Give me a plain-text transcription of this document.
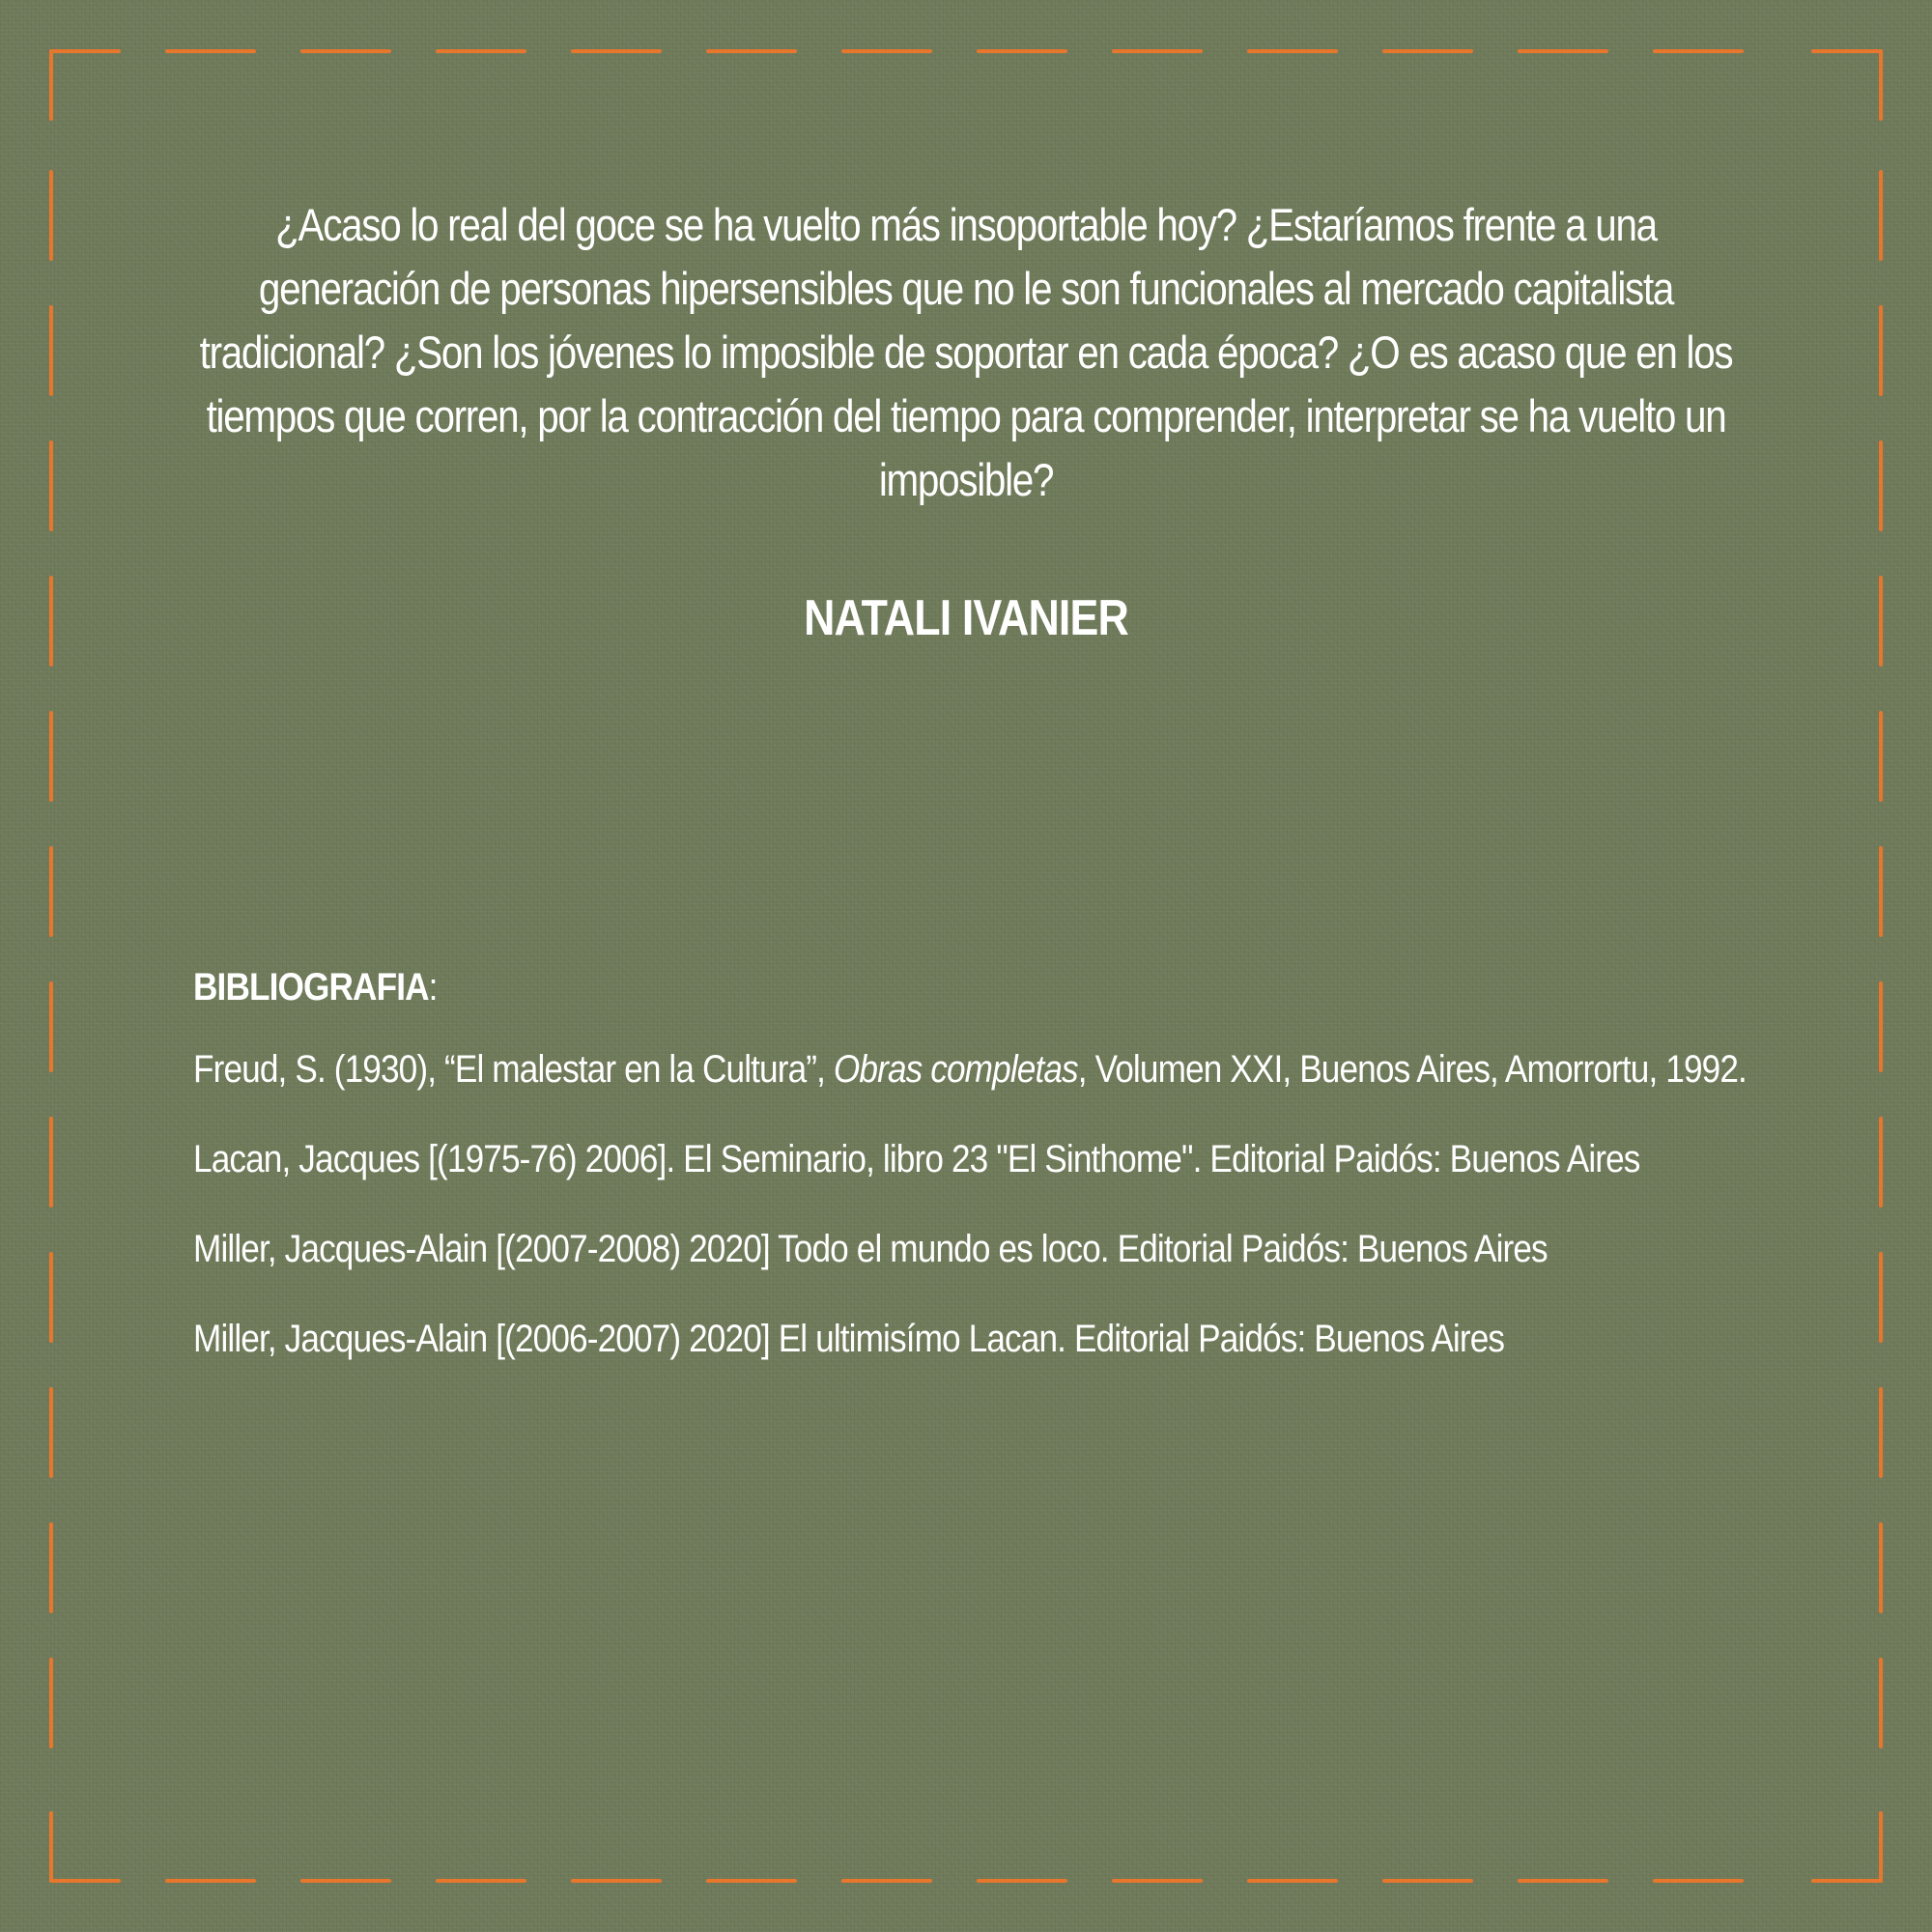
¿Acaso lo real del goce se ha vuelto más insoportable hoy? ¿Estaríamos frente a una generación de personas hipersensibles que no le son funcionales al mercado capitalista tradicional? ¿Son los jóvenes lo imposible de soportar en cada época? ¿O es acaso que en los tiempos que corren, por la contracción del tiempo para comprender, interpretar se ha vuelto un imposible?
NATALI IVANIER
BIBLIOGRAFIA:
Freud, S. (1930), “El malestar en la Cultura”, Obras completas, Volumen XXI, Buenos Aires, Amorrortu, 1992.
Lacan, Jacques [(1975-76) 2006]. El Seminario, libro 23 "El Sinthome". Editorial Paidós: Buenos Aires
Miller, Jacques-Alain [(2007-2008) 2020] Todo el mundo es loco. Editorial Paidós: Buenos Aires
Miller, Jacques-Alain [(2006-2007) 2020] El ultimisímo Lacan. Editorial Paidós: Buenos Aires
